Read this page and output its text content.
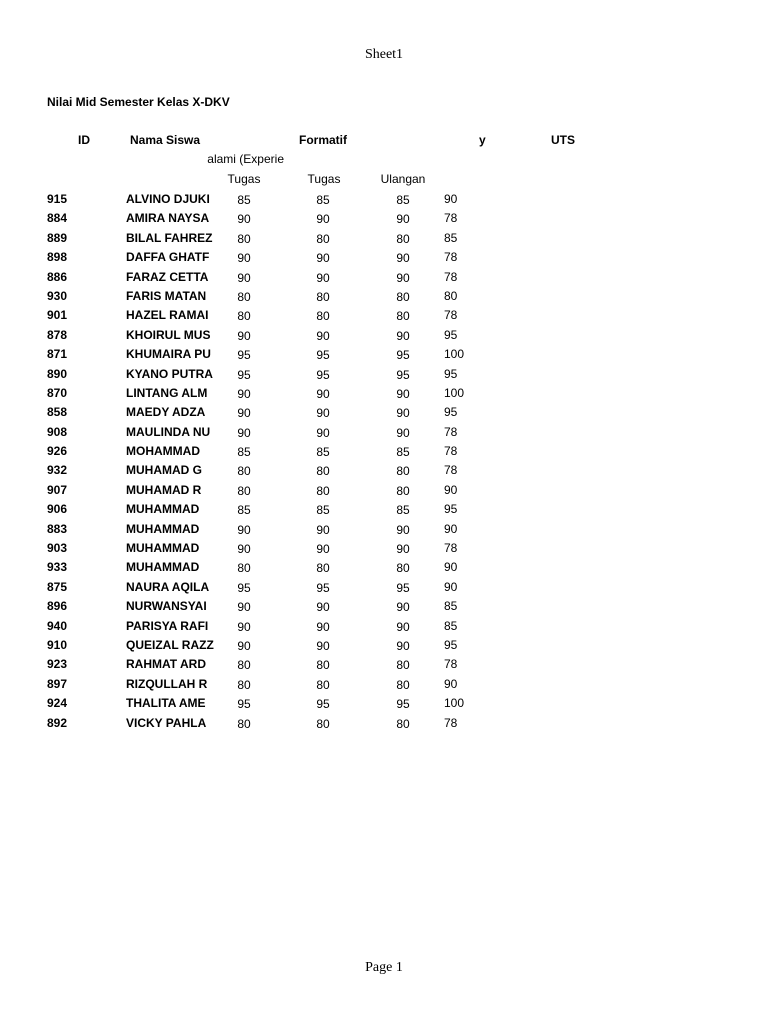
Sheet1
Nilai Mid Semester Kelas X-DKV
ID	Nama Siswa	Formatif	y	UTS
alami (Experie
Tugas	Tugas	Ulangan
915	ALVINO DJUKI	85	85	85	90
884	AMIRA NAYSA	90	90	90	78
889	BILAL FAHREZ	80	80	80	85
898	DAFFA GHATF	90	90	90	78
886	FARAZ CETTA	90	90	90	78
930	FARIS MATAN	80	80	80	80
901	HAZEL RAMAI	80	80	80	78
878	KHOIRUL MUS	90	90	90	95
871	KHUMAIRA PU	95	95	95	100
890	KYANO PUTRA	95	95	95	95
870	LINTANG ALM	90	90	90	100
858	MAEDY ADZA	90	90	90	95
908	MAULINDA NU	90	90	90	78
926	MOHAMMAD	85	85	85	78
932	MUHAMAD G	80	80	80	78
907	MUHAMAD R	80	80	80	90
906	MUHAMMAD	85	85	85	95
883	MUHAMMAD	90	90	90	90
903	MUHAMMAD	90	90	90	78
933	MUHAMMAD	80	80	80	90
875	NAURA AQILA	95	95	95	90
896	NURWANSYAI	90	90	90	85
940	PARISYA RAFI	90	90	90	85
910	QUEIZAL RAZZ	90	90	90	95
923	RAHMAT ARD	80	80	80	78
897	RIZQULLAH R	80	80	80	90
924	THALITA AME	95	95	95	100
892	VICKY PAHLA	80	80	80	78
Page 1
